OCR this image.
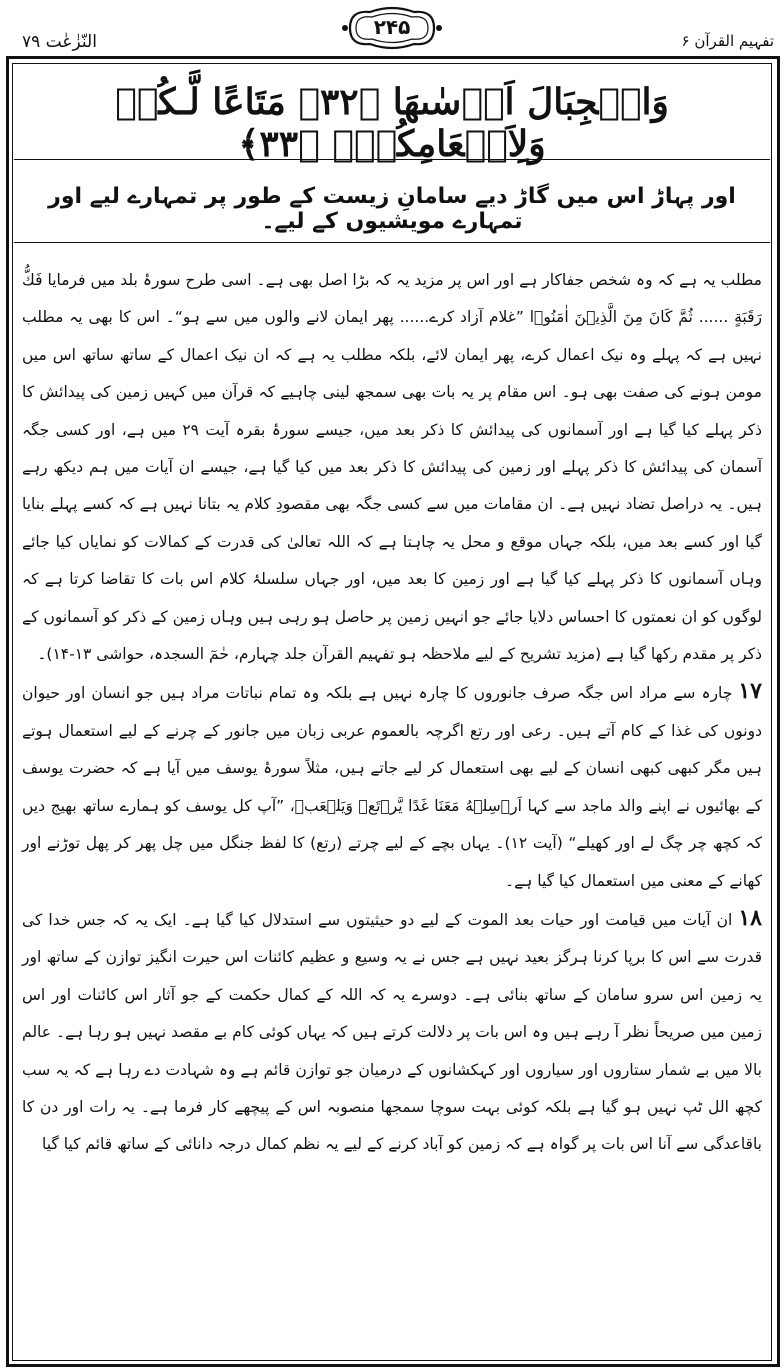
النّزٰعٰت ۷۹
۲۴۵
تفہیم القرآن ۶
وَالۡجِبَالَ اَرۡسٰىهَا ﴿۳۲﴾ مَتَاعًا لَّـكُمۡ وَلِاَنۡعَامِكُمۡؕ ﴿۳۳﴾
اور پہاڑ اس میں گاڑ دیے سامانِ زیست کے طور پر تمہارے لیے اور تمہارے مویشیوں کے لیے۔

مطلب یہ ہے کہ وہ شخص جفاکار ہے اور اس پر مزید یہ کہ بڑا اصل بھی ہے۔ اسی طرح سورۂ بلد میں فرمایا فَكُّ رَقَبَةٍ ...... ثُمَّ كَانَ مِنَ الَّذِيۡنَ اٰمَنُوۡا ”غلام آزاد کرے...... پھر ایمان لانے والوں میں سے ہو“۔ اس کا بھی یہ مطلب نہیں ہے کہ پہلے وہ نیک اعمال کرے، پھر ایمان لائے، بلکہ مطلب یہ ہے کہ ان نیک اعمال کے ساتھ ساتھ اس میں مومن ہونے کی صفت بھی ہو۔ اس مقام پر یہ بات بھی سمجھ لینی چاہیے کہ قرآن میں کہیں زمین کی پیدائش کا ذکر پہلے کیا گیا ہے اور آسمانوں کی پیدائش کا ذکر بعد میں، جیسے سورۂ بقرہ آیت ۲۹ میں ہے، اور کسی جگہ آسمان کی پیدائش کا ذکر پہلے اور زمین کی پیدائش کا ذکر بعد میں کیا گیا ہے، جیسے ان آیات میں ہم دیکھ رہے ہیں۔ یہ دراصل تضاد نہیں ہے۔ ان مقامات میں سے کسی جگہ بھی مقصودِ کلام یہ بتانا نہیں ہے کہ کسے پہلے بنایا گیا اور کسے بعد میں، بلکہ جہاں موقع و محل یہ چاہتا ہے کہ اللہ تعالیٰ کی قدرت کے کمالات کو نمایاں کیا جائے وہاں آسمانوں کا ذکر پہلے کیا گیا ہے اور زمین کا بعد میں، اور جہاں سلسلۂ کلام اس بات کا تقاضا کرتا ہے کہ لوگوں کو ان نعمتوں کا احساس دلایا جائے جو انہیں زمین پر حاصل ہو رہی ہیں وہاں زمین کے ذکر کو آسمانوں کے ذکر پر مقدم رکھا گیا ہے (مزید تشریح کے لیے ملاحظہ ہو تفہیم القرآن جلد چہارم، حٰمٓ السجدہ، حواشی ۱۳-۱۴)۔

۱۷چارہ سے مراد اس جگہ صرف جانوروں کا چارہ نہیں ہے بلکہ وہ تمام نباتات مراد ہیں جو انسان اور حیوان دونوں کی غذا کے کام آتے ہیں۔ رعی اور رتع اگرچہ بالعموم عربی زبان میں جانور کے چرنے کے لیے استعمال ہوتے ہیں مگر کبھی کبھی انسان کے لیے بھی استعمال کر لیے جاتے ہیں، مثلاً سورۂ یوسف میں آیا ہے کہ حضرت یوسف کے بھائیوں نے اپنے والد ماجد سے کہا اَرۡسِلۡهُ مَعَنَا غَدًا يَّرۡتَعۡ وَيَلۡعَبۡ، ”آپ کل یوسف کو ہمارے ساتھ بھیج دیں کہ کچھ چر چگ لے اور کھیلے“ (آیت ۱۲)۔ یہاں بچے کے لیے چرتے (رتع) کا لفظ جنگل میں چل پھر کر پھل توڑنے اور کھانے کے معنی میں استعمال کیا گیا ہے۔

۱۸ان آیات میں قیامت اور حیات بعد الموت کے لیے دو حیثیتوں سے استدلال کیا گیا ہے۔ ایک یہ کہ جس خدا کی قدرت سے اس کا برپا کرنا ہرگز بعید نہیں ہے جس نے یہ وسیع و عظیم کائنات اس حیرت انگیز توازن کے ساتھ اور یہ زمین اس سرو سامان کے ساتھ بنائی ہے۔ دوسرے یہ کہ اللہ کے کمال حکمت کے جو آثار اس کائنات اور اس زمین میں صریحاً نظر آ رہے ہیں وہ اس بات پر دلالت کرتے ہیں کہ یہاں کوئی کام بے مقصد نہیں ہو رہا ہے۔ عالم بالا میں بے شمار ستاروں اور سیاروں اور کہکشانوں کے درمیان جو توازن قائم ہے وہ شہادت دے رہا ہے کہ یہ سب کچھ الل ٹپ نہیں ہو گیا ہے بلکہ کوئی بہت سوچا سمجھا منصوبہ اس کے پیچھے کار فرما ہے۔ یہ رات اور دن کا باقاعدگی سے آنا اس بات پر گواہ ہے کہ زمین کو آباد کرنے کے لیے یہ نظم کمال درجہ دانائی کے ساتھ قائم کیا گیا
